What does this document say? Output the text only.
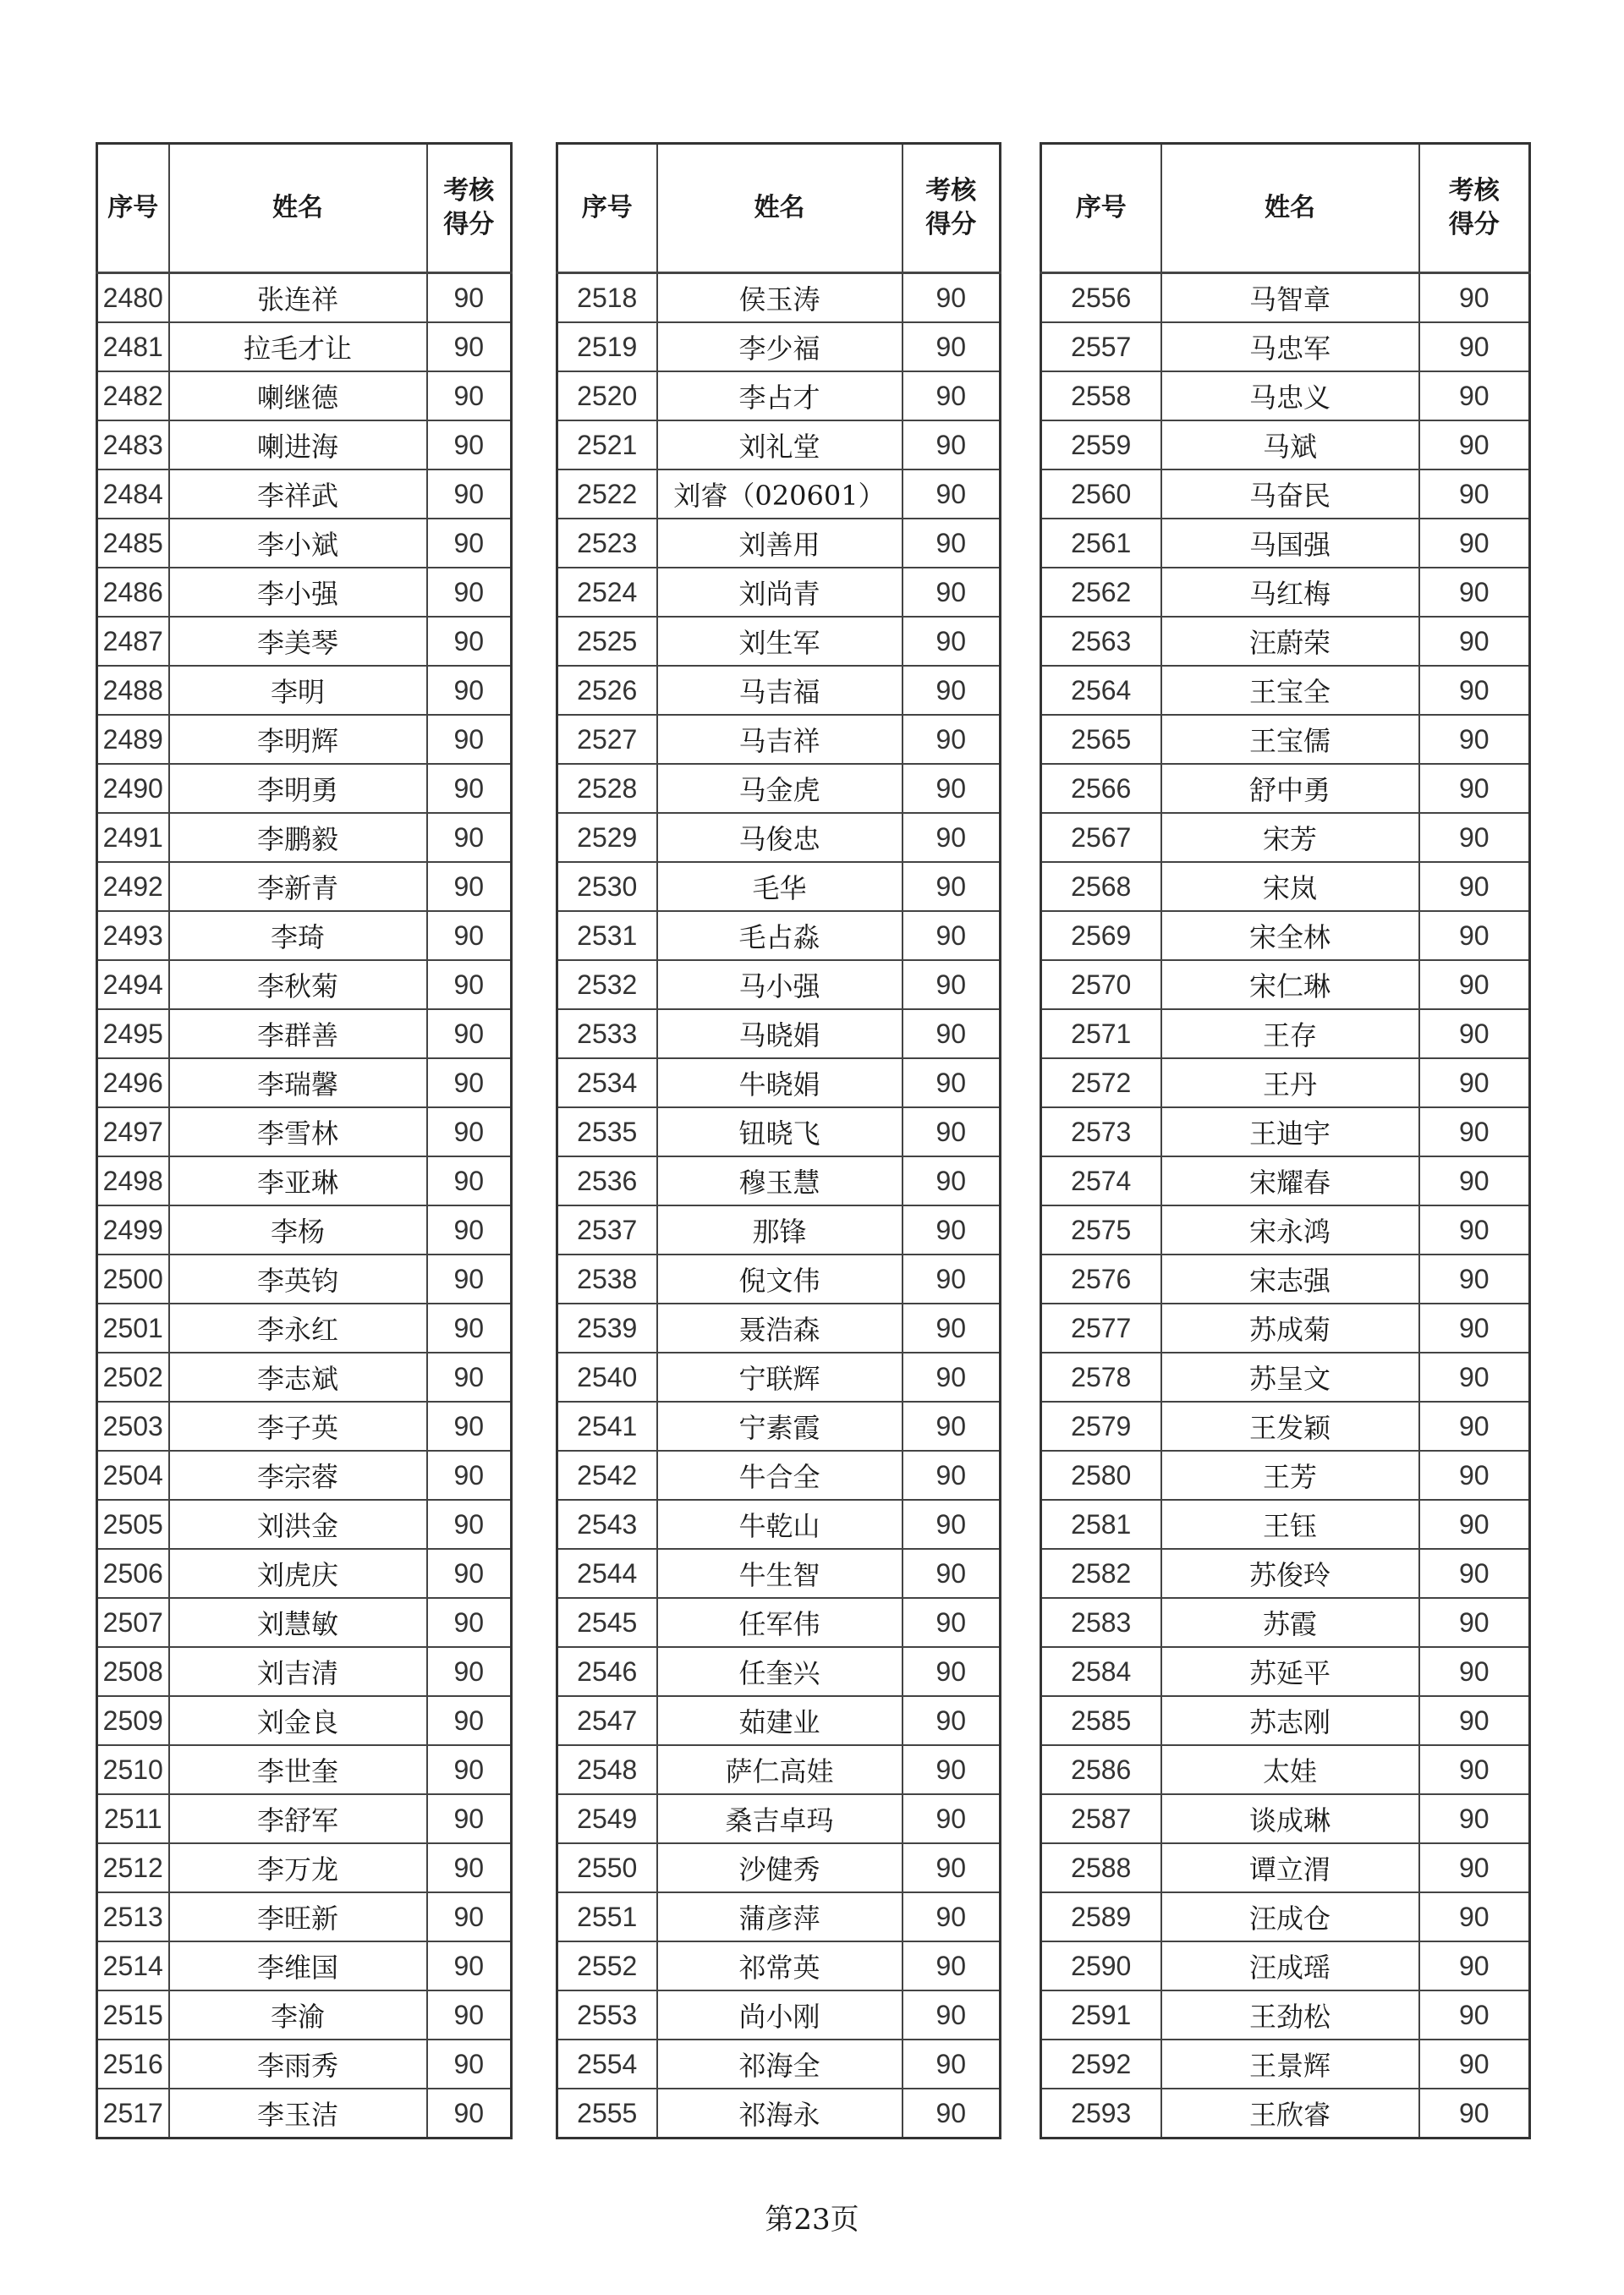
序号	姓名	考核
得分
2480	张连祥	90
2481	拉毛才让	90
2482	喇继德	90
2483	喇进海	90
2484	李祥武	90
2485	李小斌	90
2486	李小强	90
2487	李美琴	90
2488	李明	90
2489	李明辉	90
2490	李明勇	90
2491	李鹏毅	90
2492	李新青	90
2493	李琦	90
2494	李秋菊	90
2495	李群善	90
2496	李瑞馨	90
2497	李雪林	90
2498	李亚琳	90
2499	李杨	90
2500	李英钧	90
2501	李永红	90
2502	李志斌	90
2503	李子英	90
2504	李宗蓉	90
2505	刘洪金	90
2506	刘虎庆	90
2507	刘慧敏	90
2508	刘吉清	90
2509	刘金良	90
2510	李世奎	90
2511	李舒军	90
2512	李万龙	90
2513	李旺新	90
2514	李维国	90
2515	李渝	90
2516	李雨秀	90
2517	李玉洁	90
序号	姓名	考核
得分
2518	侯玉涛	90
2519	李少福	90
2520	李占才	90
2521	刘礼堂	90
2522	刘睿（020601）	90
2523	刘善用	90
2524	刘尚青	90
2525	刘生军	90
2526	马吉福	90
2527	马吉祥	90
2528	马金虎	90
2529	马俊忠	90
2530	毛华	90
2531	毛占淼	90
2532	马小强	90
2533	马晓娟	90
2534	牛晓娟	90
2535	钮晓飞	90
2536	穆玉慧	90
2537	那锋	90
2538	倪文伟	90
2539	聂浩森	90
2540	宁联辉	90
2541	宁素霞	90
2542	牛合全	90
2543	牛乾山	90
2544	牛生智	90
2545	任军伟	90
2546	任奎兴	90
2547	茹建业	90
2548	萨仁高娃	90
2549	桑吉卓玛	90
2550	沙健秀	90
2551	蒲彦萍	90
2552	祁常英	90
2553	尚小刚	90
2554	祁海全	90
2555	祁海永	90
序号	姓名	考核
得分
2556	马智章	90
2557	马忠军	90
2558	马忠义	90
2559	马斌	90
2560	马奋民	90
2561	马国强	90
2562	马红梅	90
2563	汪蔚荣	90
2564	王宝全	90
2565	王宝儒	90
2566	舒中勇	90
2567	宋芳	90
2568	宋岚	90
2569	宋全林	90
2570	宋仁琳	90
2571	王存	90
2572	王丹	90
2573	王迪宇	90
2574	宋耀春	90
2575	宋永鸿	90
2576	宋志强	90
2577	苏成菊	90
2578	苏呈文	90
2579	王发颖	90
2580	王芳	90
2581	王钰	90
2582	苏俊玲	90
2583	苏霞	90
2584	苏延平	90
2585	苏志刚	90
2586	太娃	90
2587	谈成琳	90
2588	谭立渭	90
2589	汪成仓	90
2590	汪成瑶	90
2591	王劲松	90
2592	王景辉	90
2593	王欣睿	90
第23页
